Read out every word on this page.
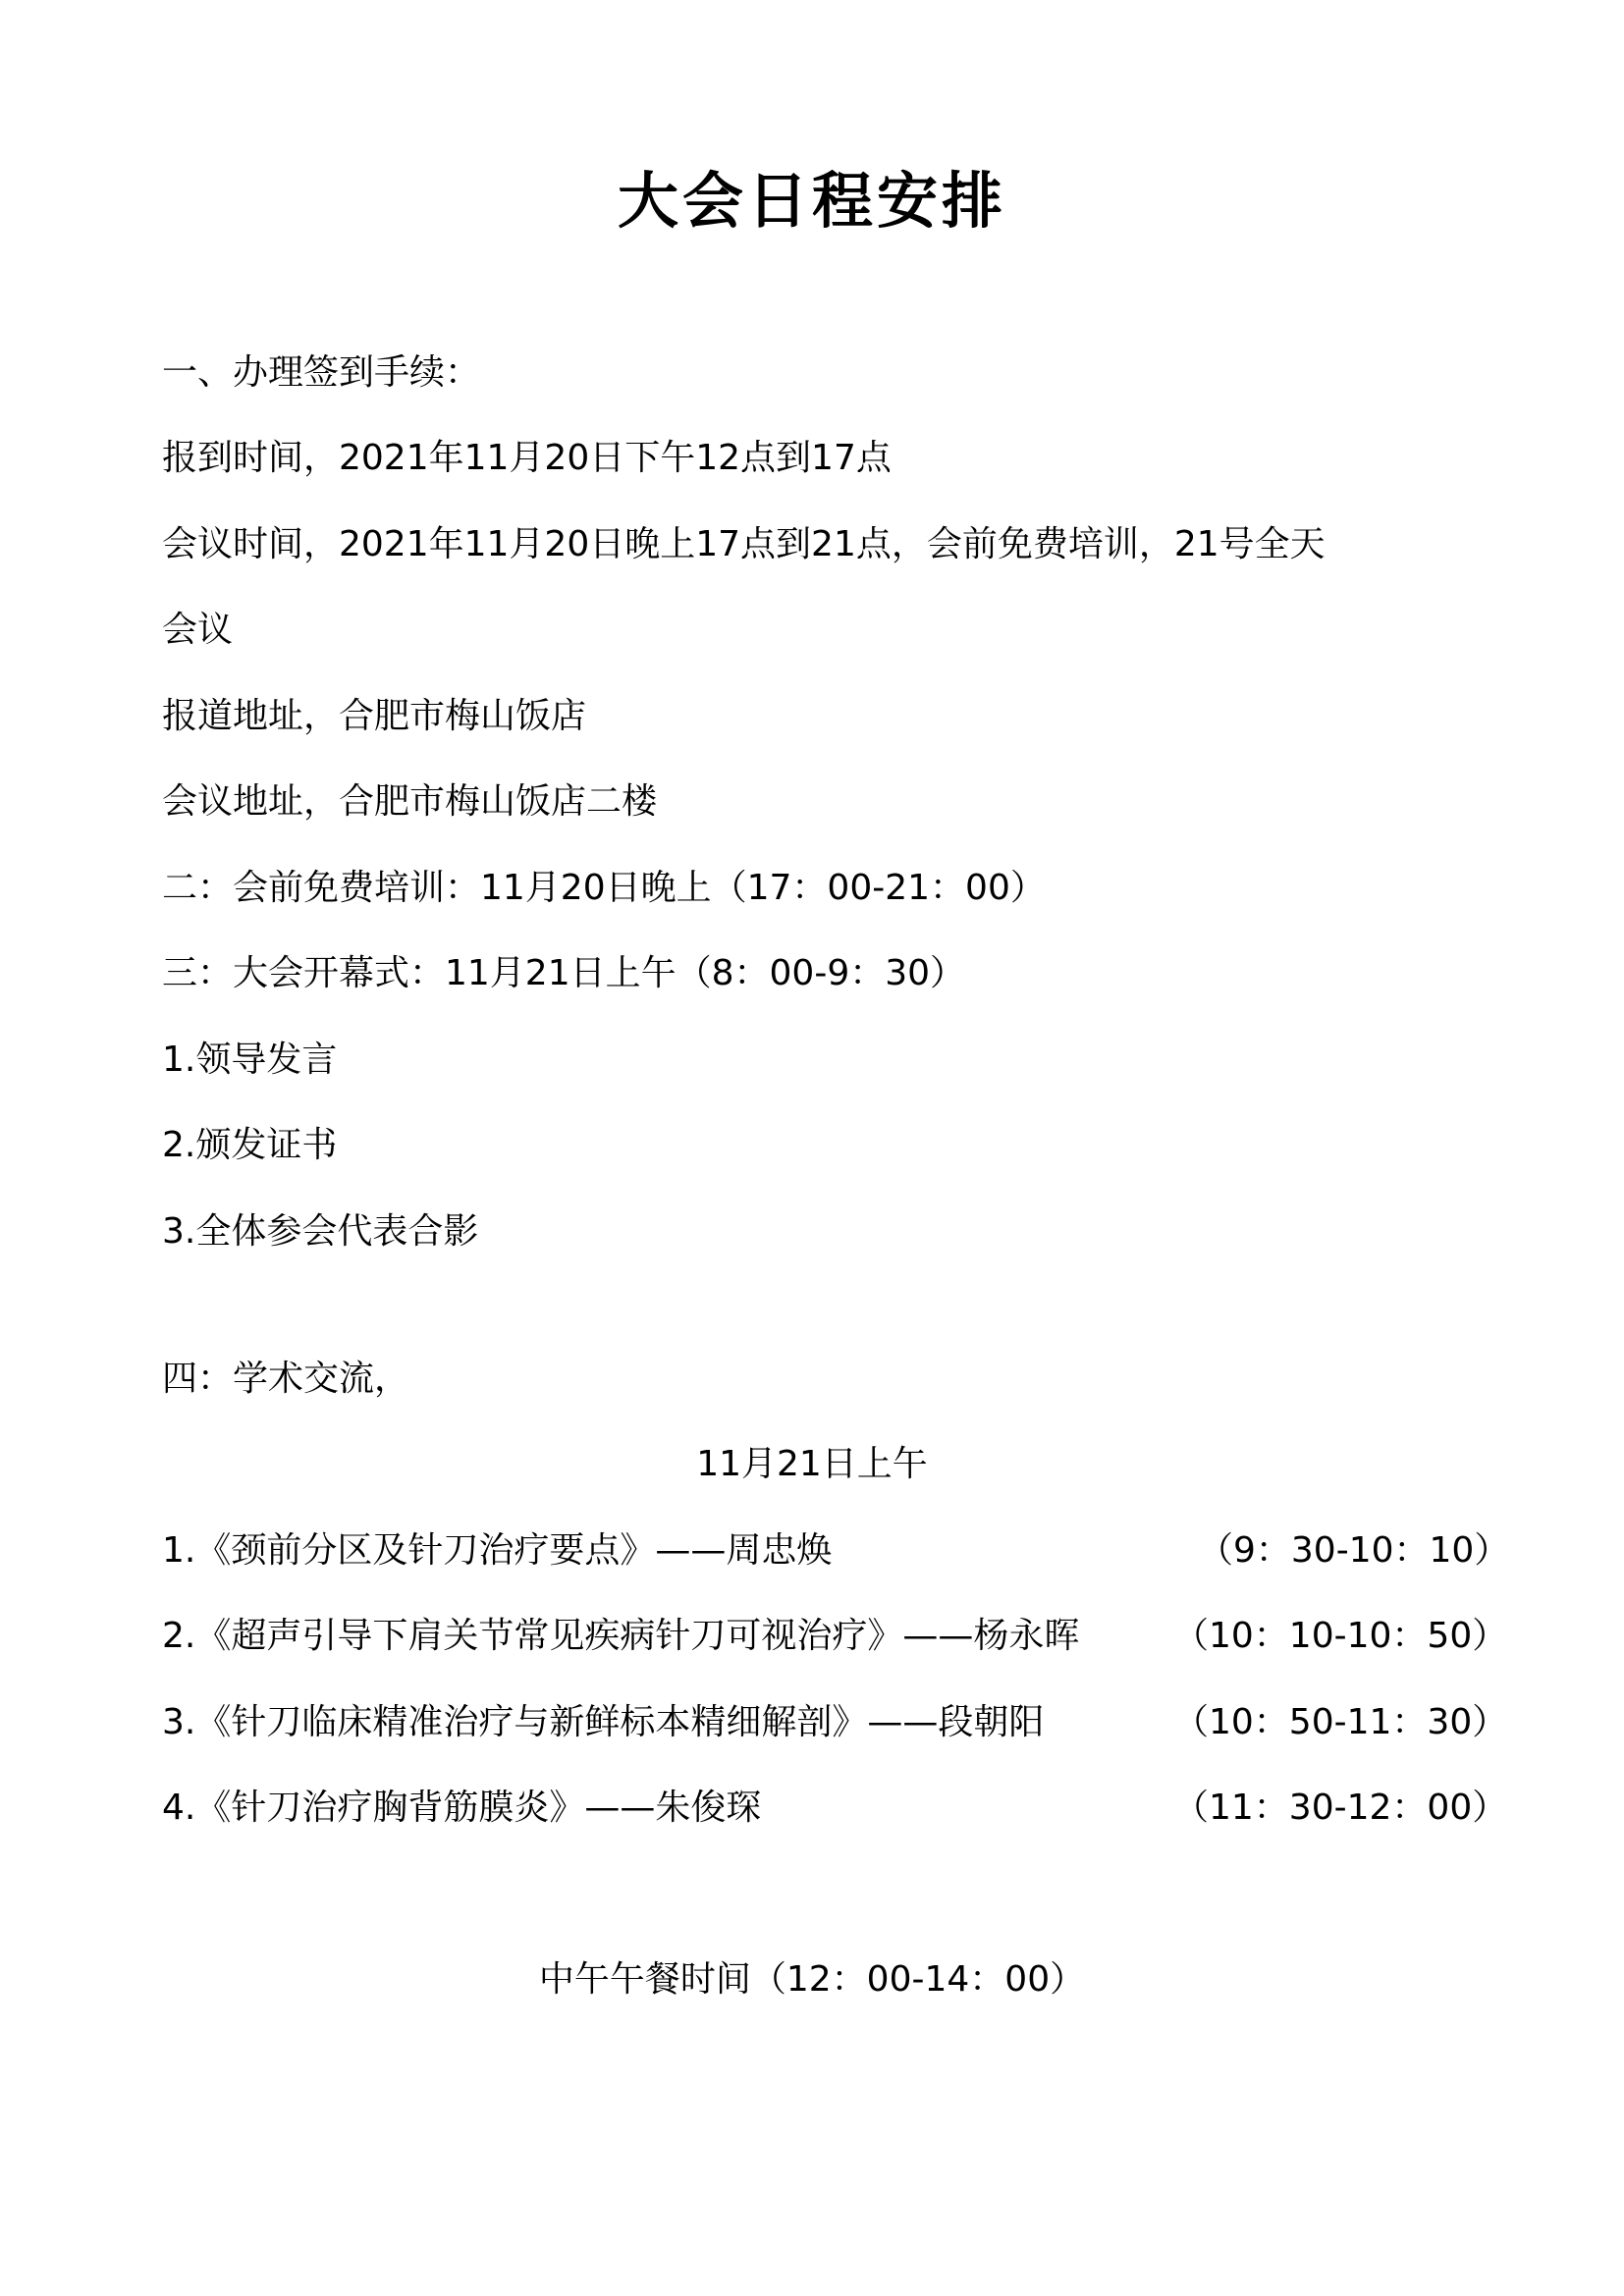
大会日程安排
一、办理签到手续：
报到时间，2021年11月20日下午12点到17点
会议时间，2021年11月20日晚上17点到21点，会前免费培训，21号全天
会议
报道地址，合肥市梅山饭店
会议地址，合肥市梅山饭店二楼
二：会前免费培训：11月20日晚上（17：00-21：00）
三：大会开幕式：11月21日上午（8：00-9：30）
1.领导发言
2.颁发证书
3.全体参会代表合影
四：学术交流，
11月21日上午
1.《颈前分区及针刀治疗要点》——周忠焕	（9：30-10：10）
2.《超声引导下肩关节常见疾病针刀可视治疗》——杨永晖	（10：10-10：50）
3.《针刀临床精准治疗与新鲜标本精细解剖》——段朝阳	（10：50-11：30）
4.《针刀治疗胸背筋膜炎》——朱俊琛	（11：30-12：00）
中午午餐时间（12：00-14：00）
